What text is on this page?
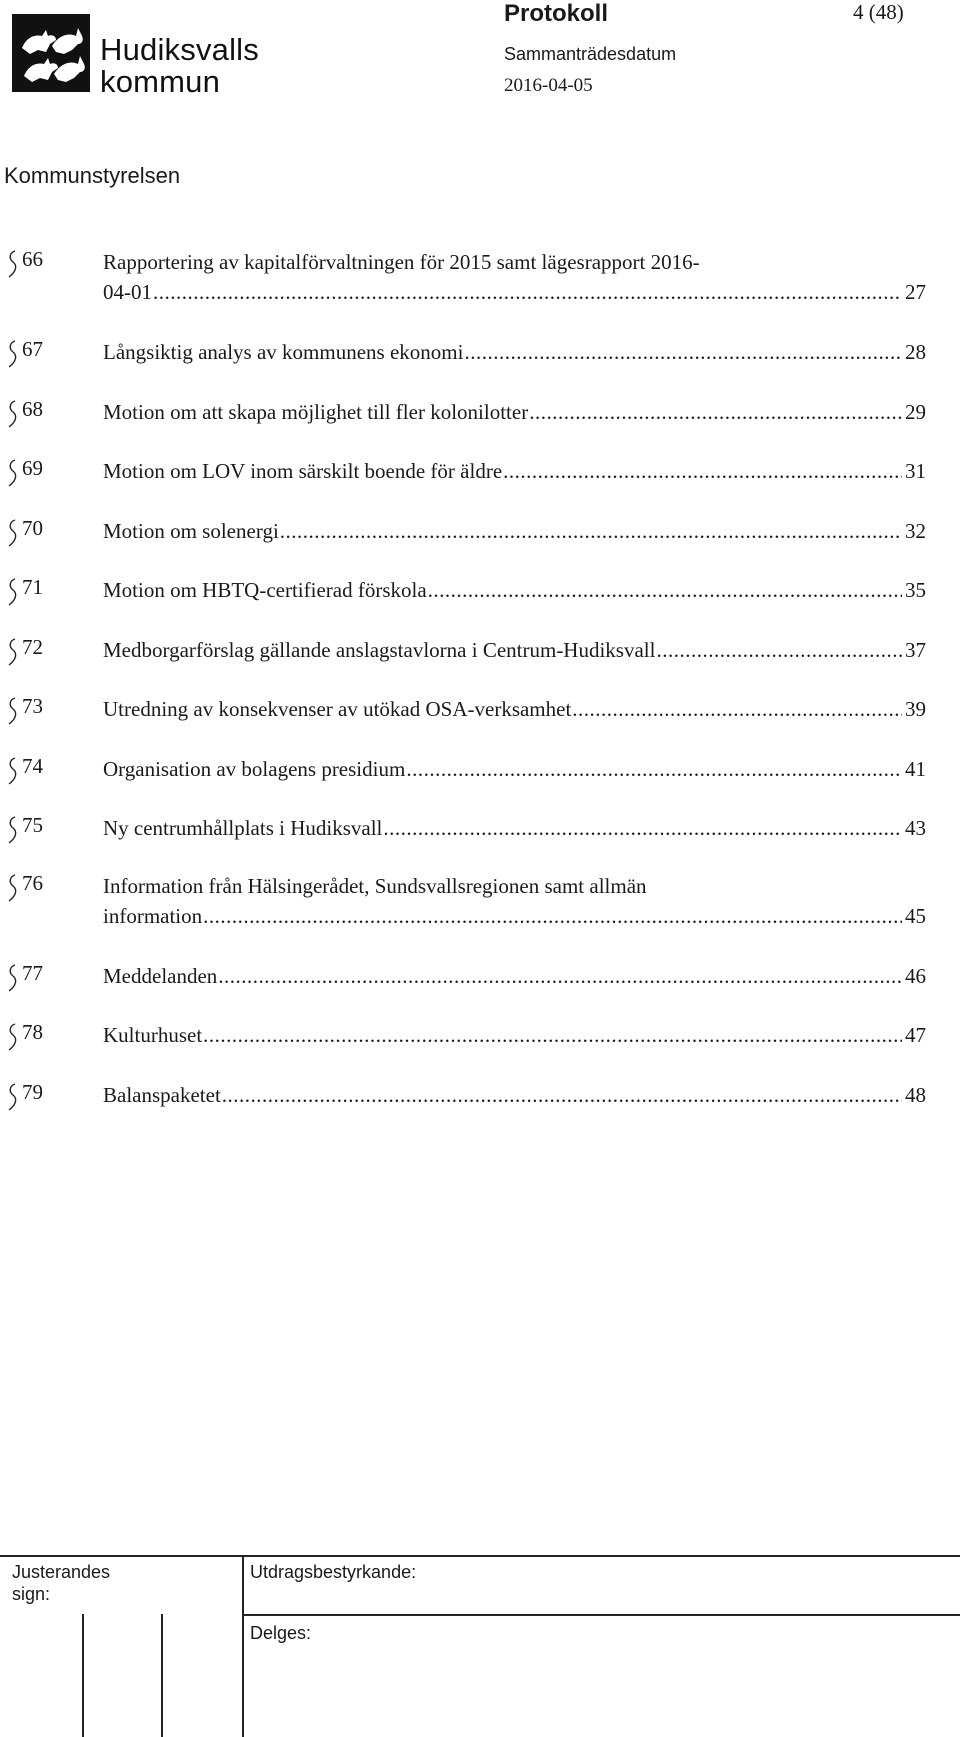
Hudiksvalls
kommun
Protokoll	4 (48)
Sammanträdesdatum
2016-04-05
Kommunstyrelsen
66	Rapportering av kapitalförvaltningen för 2015 samt lägesrapport 2016-
04-01 .....	27
67	Långsiktig analys av kommunens ekonomi .....	28
68	Motion om att skapa möjlighet till fler kolonilotter .....	29
69	Motion om LOV inom särskilt boende för äldre .....	31
70	Motion om solenergi .....	32
71	Motion om HBTQ-certifierad förskola .....	35
72	Medborgarförslag gällande anslagstavlorna i Centrum-Hudiksvall .....	37
73	Utredning av konsekvenser av utökad OSA-verksamhet .....	39
74	Organisation av bolagens presidium .....	41
75	Ny centrumhållplats i Hudiksvall .....	43
76	Information från Hälsingerådet, Sundsvallsregionen samt allmän
information .....	45
77	Meddelanden .....	46
78	Kulturhuset .....	47
79	Balanspaketet .....	48
Justerandes sign:
Utdragsbestyrkande:
Delges:
